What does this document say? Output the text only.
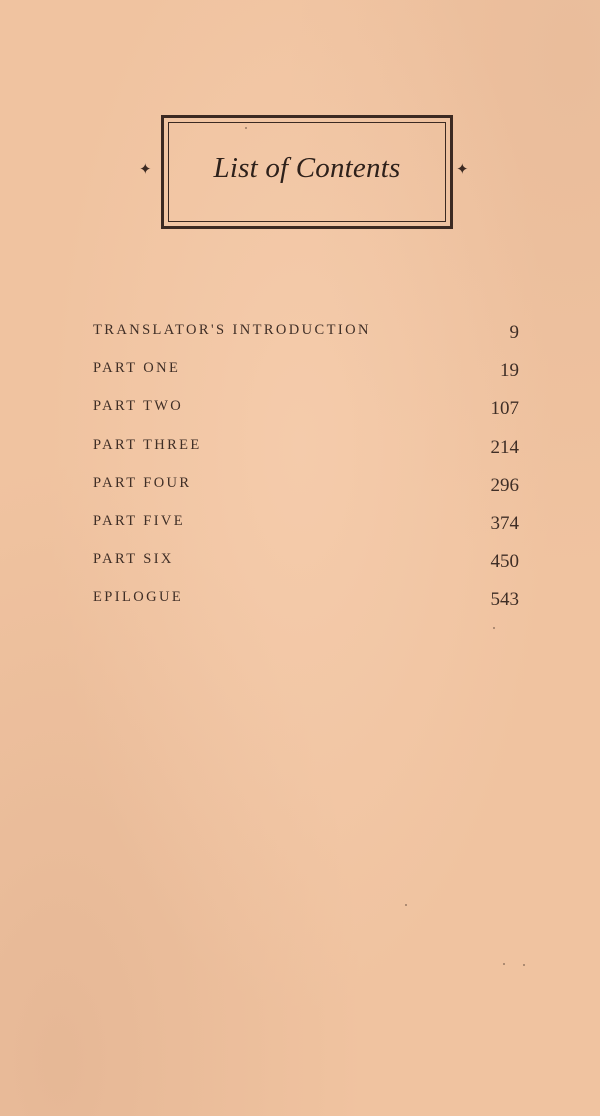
✦ List of Contents	✦
TRANSLATOR'S INTRODUCTION	9
PART ONE	19
PART TWO	107
PART THREE	214
PART FOUR	296
PART FIVE	374
PART SIX	450
EPILOGUE	543
